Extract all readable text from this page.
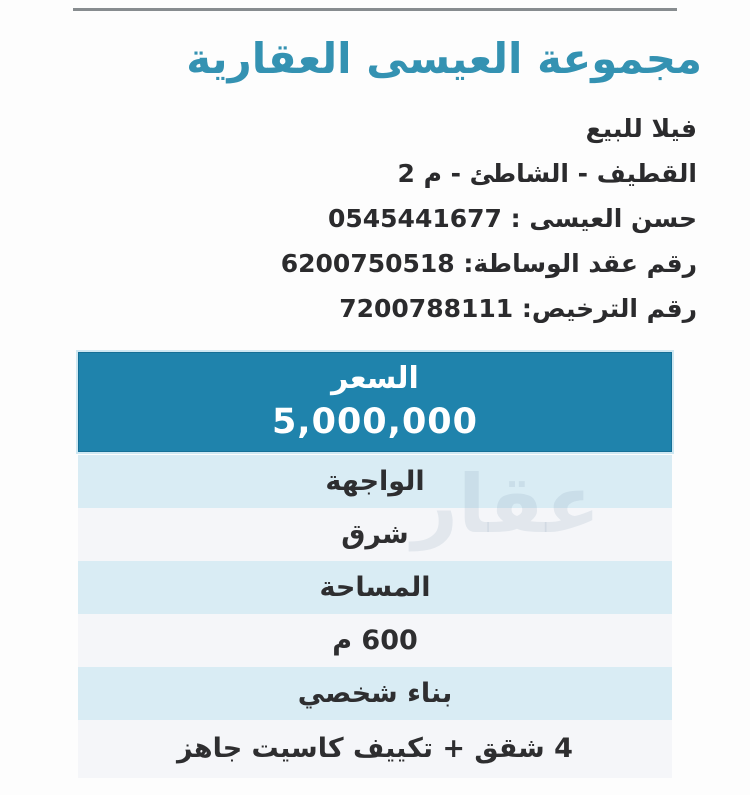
مجموعة العيسى العقارية
فيلا للبيع
القطيف - الشاطئ - م 2
حسن العيسى : 0545441677
رقم عقد الوساطة: 6200750518
رقم الترخيص: 7200788111
السعر
5,000,000
الواجهة
شرق
المساحة
600 م
بناء شخصي
4 شقق + تكييف كاسيت جاهز
